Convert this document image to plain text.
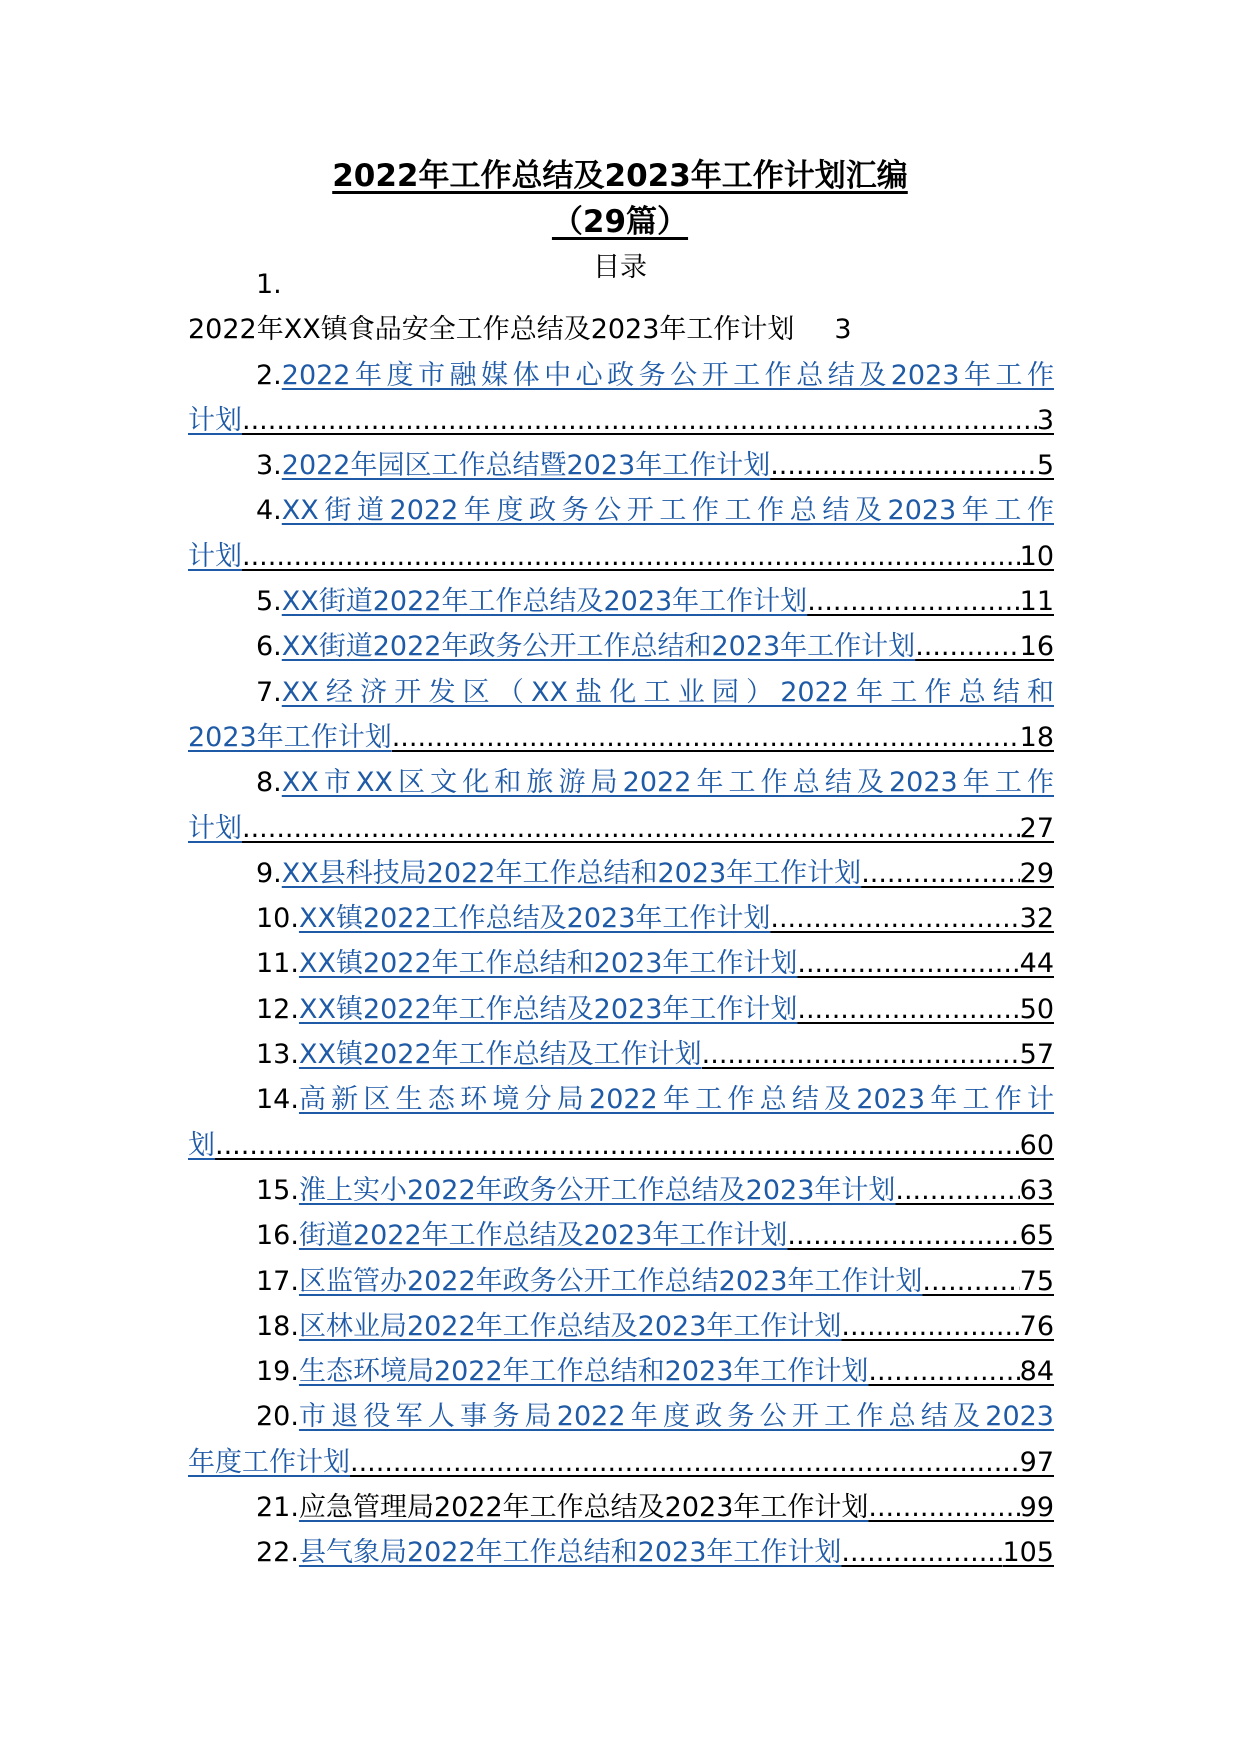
2022年工作总结及2023年工作计划汇编
（29篇）
目录
1.
2022年XX镇食品安全工作总结及2023年工作计划 3
2. 2022年度市融媒体中心政务公开工作总结及2023年工作
计划 .....	3
3. 2022年园区工作总结暨2023年工作计划 .....	5
4. XX街道2022年度政务公开工作工作总结及2023年工作
计划 .....	10
5. XX街道2022年工作总结及2023年工作计划 .....	11
6. XX街道2022年政务公开工作总结和2023年工作计划 .....	16
7. XX经济开发区（XX盐化工业园）2022年工作总结和
2023年工作计划 .....	18
8. XX市XX区文化和旅游局2022年工作总结及2023年工作
计划 .....	27
9. XX县科技局2022年工作总结和2023年工作计划 .....	29
10. XX镇2022工作总结及2023年工作计划 .....	32
11. XX镇2022年工作总结和2023年工作计划 .....	44
12. XX镇2022年工作总结及2023年工作计划 .....	50
13. XX镇2022年工作总结及工作计划 .....	57
14. 高新区生态环境分局2022年工作总结及2023年工作计
划 .....	60
15. 淮上实小2022年政务公开工作总结及2023年计划 .....	63
16. 街道2022年工作总结及2023年工作计划 .....	65
17. 区监管办2022年政务公开工作总结2023年工作计划 .....	75
18. 区林业局2022年工作总结及2023年工作计划 .....	76
19. 生态环境局2022年工作总结和2023年工作计划 .....	84
20. 市退役军人事务局2022年度政务公开工作总结及2023
年度工作计划 .....	97
21. 应急管理局2022年工作总结及2023年工作计划 .....	99
22. 县气象局2022年工作总结和2023年工作计划 .....	105
